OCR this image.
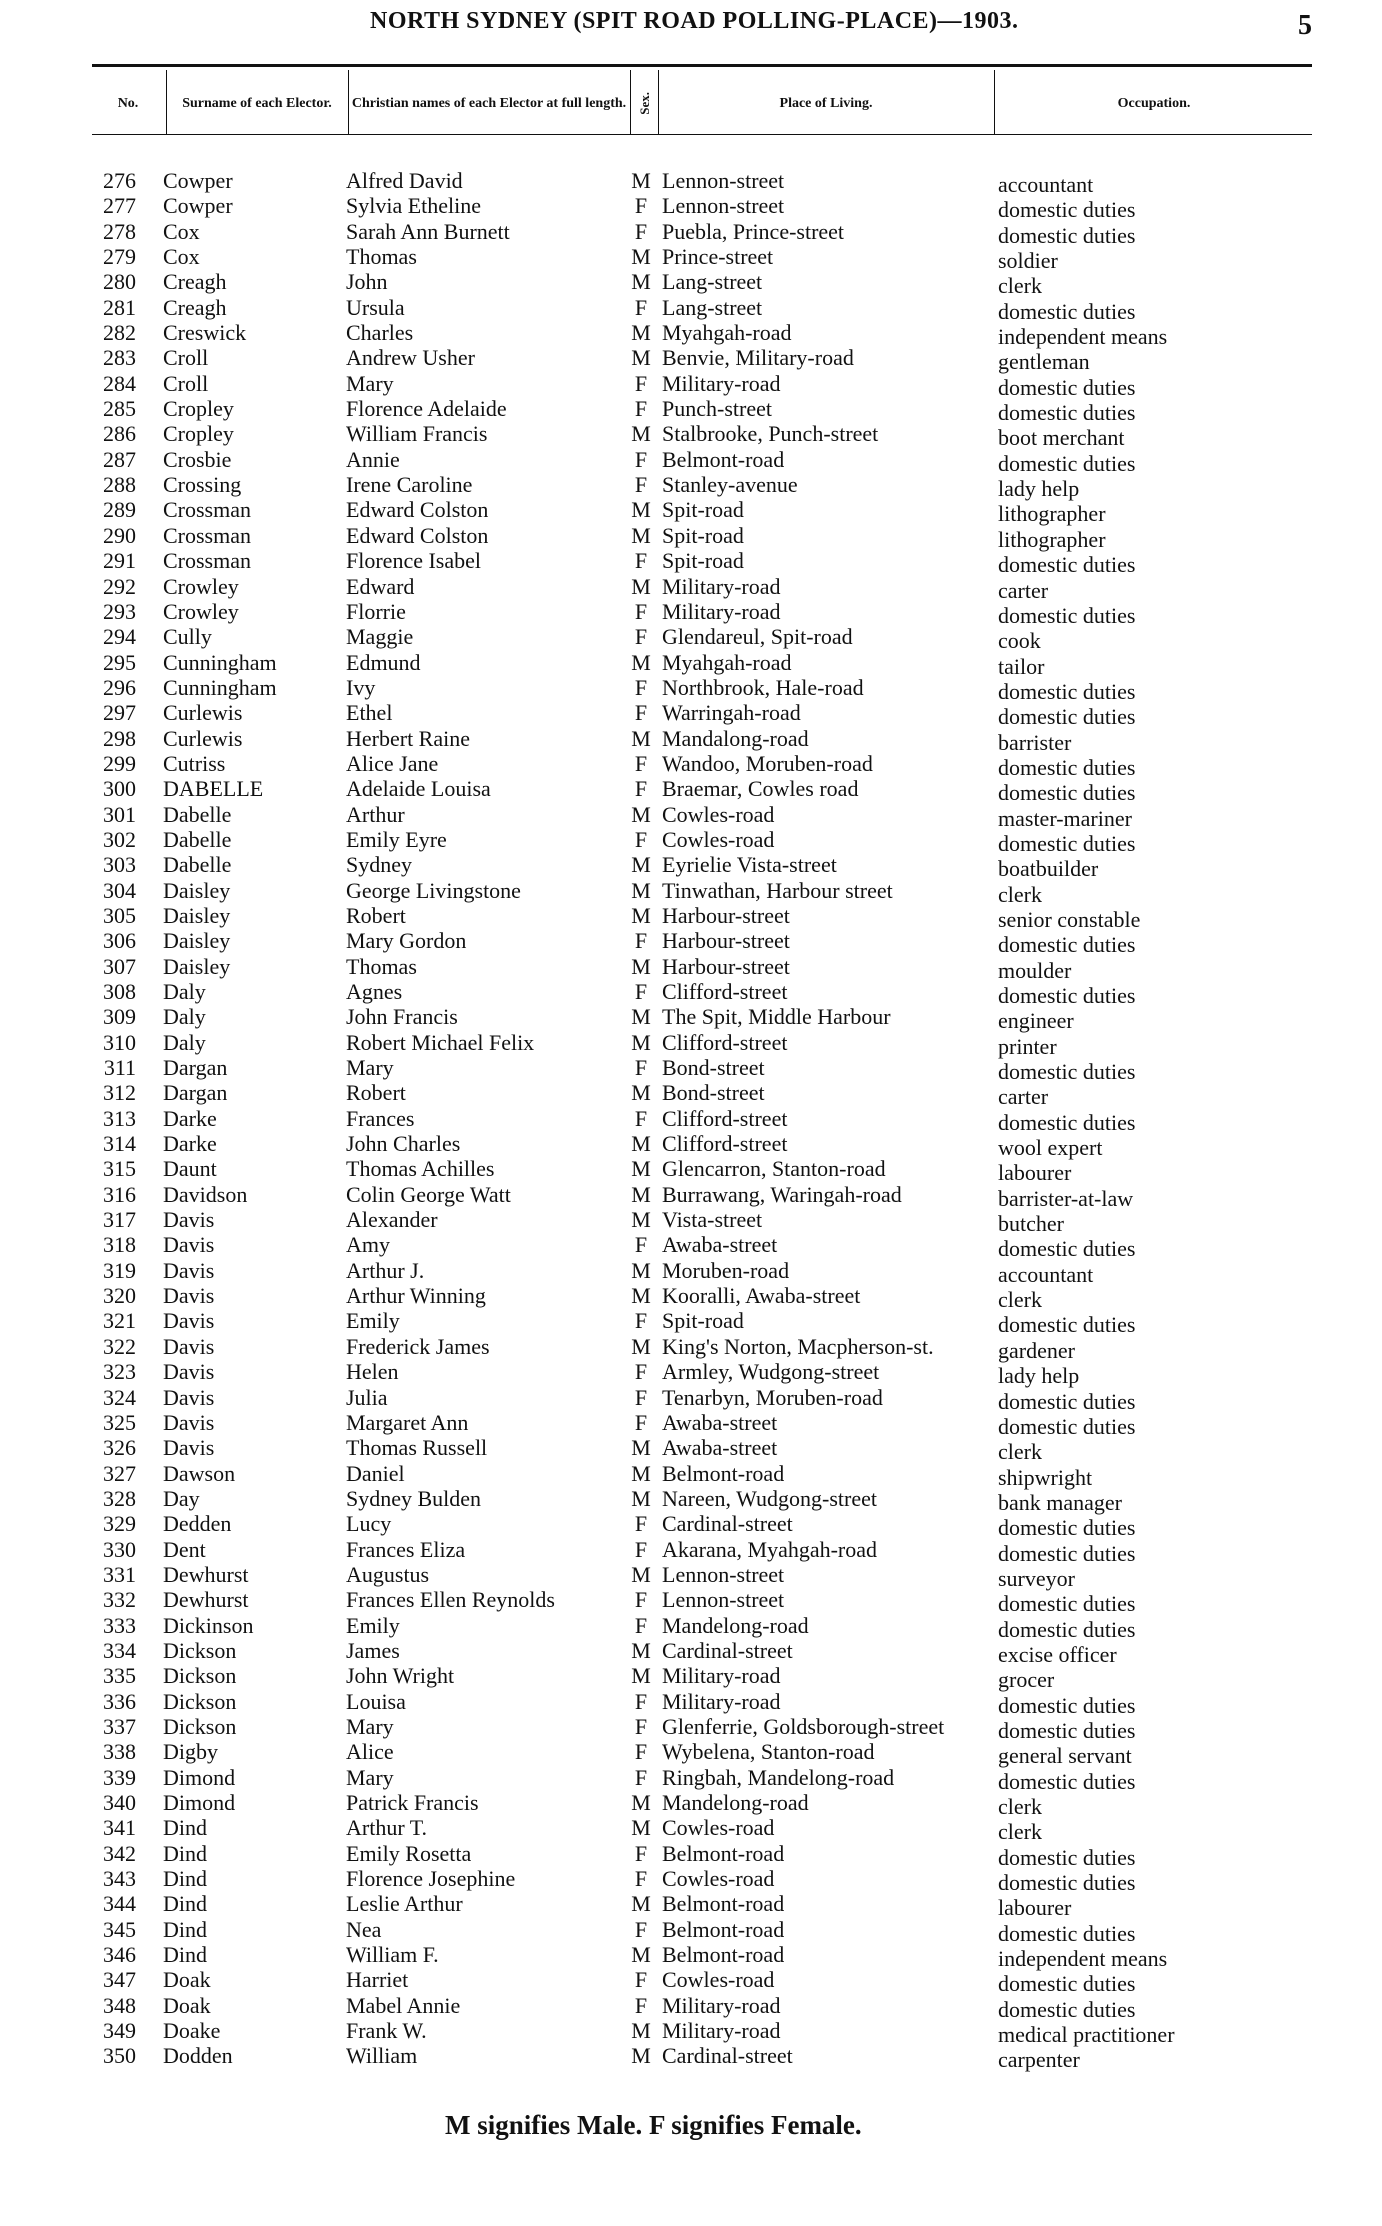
NORTH SYDNEY (SPIT ROAD POLLING-PLACE)—1903.	5
No.	Surname of each Elector.	Christian names of each Elector at full length. Sex.	Place of Living.	Occupation.
276 Cowper	Alfred David	M Lennon-street	accountant
277 Cowper	Sylvia Etheline	F Lennon-street	domestic duties
278 Cox	Sarah Ann Burnett	F Puebla, Prince-street	domestic duties
279 Cox	Thomas	M Prince-street	soldier
280 Creagh	John	M Lang-street	clerk
281 Creagh	Ursula	F Lang-street	domestic duties
282 Creswick	Charles	M Myahgah-road	independent means
283 Croll	Andrew Usher	M Benvie, Military-road	gentleman
284 Croll	Mary	F Military-road	domestic duties
285 Cropley	Florence Adelaide	F Punch-street	domestic duties
286 Cropley	William Francis	M Stalbrooke, Punch-street	boot merchant
287 Crosbie	Annie	F Belmont-road	domestic duties
288 Crossing	Irene Caroline	F Stanley-avenue	lady help
289 Crossman	Edward Colston	M Spit-road	lithographer
290 Crossman	Edward Colston	M Spit-road	lithographer
291 Crossman	Florence Isabel	F Spit-road	domestic duties
292 Crowley	Edward	M Military-road	carter
293 Crowley	Florrie	F Military-road	domestic duties
294 Cully	Maggie	F Glendareul, Spit-road	cook
295 Cunningham	Edmund	M Myahgah-road	tailor
296 Cunningham	Ivy	F Northbrook, Hale-road	domestic duties
297 Curlewis	Ethel	F Warringah-road	domestic duties
298 Curlewis	Herbert Raine	M Mandalong-road	barrister
299 Cutriss	Alice Jane	F Wandoo, Moruben-road	domestic duties
300 DABELLE	Adelaide Louisa	F Braemar, Cowles road	domestic duties
301 Dabelle	Arthur	M Cowles-road	master-mariner
302 Dabelle	Emily Eyre	F Cowles-road	domestic duties
303 Dabelle	Sydney	M Eyrielie Vista-street	boatbuilder
304 Daisley	George Livingstone	M Tinwathan, Harbour street	clerk
305 Daisley	Robert	M Harbour-street	senior constable
306 Daisley	Mary Gordon	F Harbour-street	domestic duties
307 Daisley	Thomas	M Harbour-street	moulder
308 Daly	Agnes	F Clifford-street	domestic duties
309 Daly	John Francis	M The Spit, Middle Harbour	engineer
310 Daly	Robert Michael Felix	M Clifford-street	printer
311 Dargan	Mary	F Bond-street	domestic duties
312 Dargan	Robert	M Bond-street	carter
313 Darke	Frances	F Clifford-street	domestic duties
314 Darke	John Charles	M Clifford-street	wool expert
315 Daunt	Thomas Achilles	M Glencarron, Stanton-road	labourer
316 Davidson	Colin George Watt	M Burrawang, Waringah-road	barrister-at-law
317 Davis	Alexander	M Vista-street	butcher
318 Davis	Amy	F Awaba-street	domestic duties
319 Davis	Arthur J.	M Moruben-road	accountant
320 Davis	Arthur Winning	M Kooralli, Awaba-street	clerk
321 Davis	Emily	F Spit-road	domestic duties
322 Davis	Frederick James	M King's Norton, Macpherson-st.	gardener
323 Davis	Helen	F Armley, Wudgong-street	lady help
324 Davis	Julia	F Tenarbyn, Moruben-road	domestic duties
325 Davis	Margaret Ann	F Awaba-street	domestic duties
326 Davis	Thomas Russell	M Awaba-street	clerk
327 Dawson	Daniel	M Belmont-road	shipwright
328 Day	Sydney Bulden	M Nareen, Wudgong-street	bank manager
329 Dedden	Lucy	F Cardinal-street	domestic duties
330 Dent	Frances Eliza	F Akarana, Myahgah-road	domestic duties
331 Dewhurst	Augustus	M Lennon-street	surveyor
332 Dewhurst	Frances Ellen Reynolds	F Lennon-street	domestic duties
333 Dickinson	Emily	F Mandelong-road	domestic duties
334 Dickson	James	M Cardinal-street	excise officer
335 Dickson	John Wright	M Military-road	grocer
336 Dickson	Louisa	F Military-road	domestic duties
337 Dickson	Mary	F Glenferrie, Goldsborough-street domestic duties
338 Digby	Alice	F Wybelena, Stanton-road	general servant
339 Dimond	Mary	F Ringbah, Mandelong-road	domestic duties
340 Dimond	Patrick Francis	M Mandelong-road	clerk
341 Dind	Arthur T.	M Cowles-road	clerk
342 Dind	Emily Rosetta	F Belmont-road	domestic duties
343 Dind	Florence Josephine	F Cowles-road	domestic duties
344 Dind	Leslie Arthur	M Belmont-road	labourer
345 Dind	Nea	F Belmont-road	domestic duties
346 Dind	William F.	M Belmont-road	independent means
347 Doak	Harriet	F Cowles-road	domestic duties
348 Doak	Mabel Annie	F Military-road	domestic duties
349 Doake	Frank W.	M Military-road	medical practitioner
350 Dodden	William	M Cardinal-street	carpenter
M signifies Male. F signifies Female.
